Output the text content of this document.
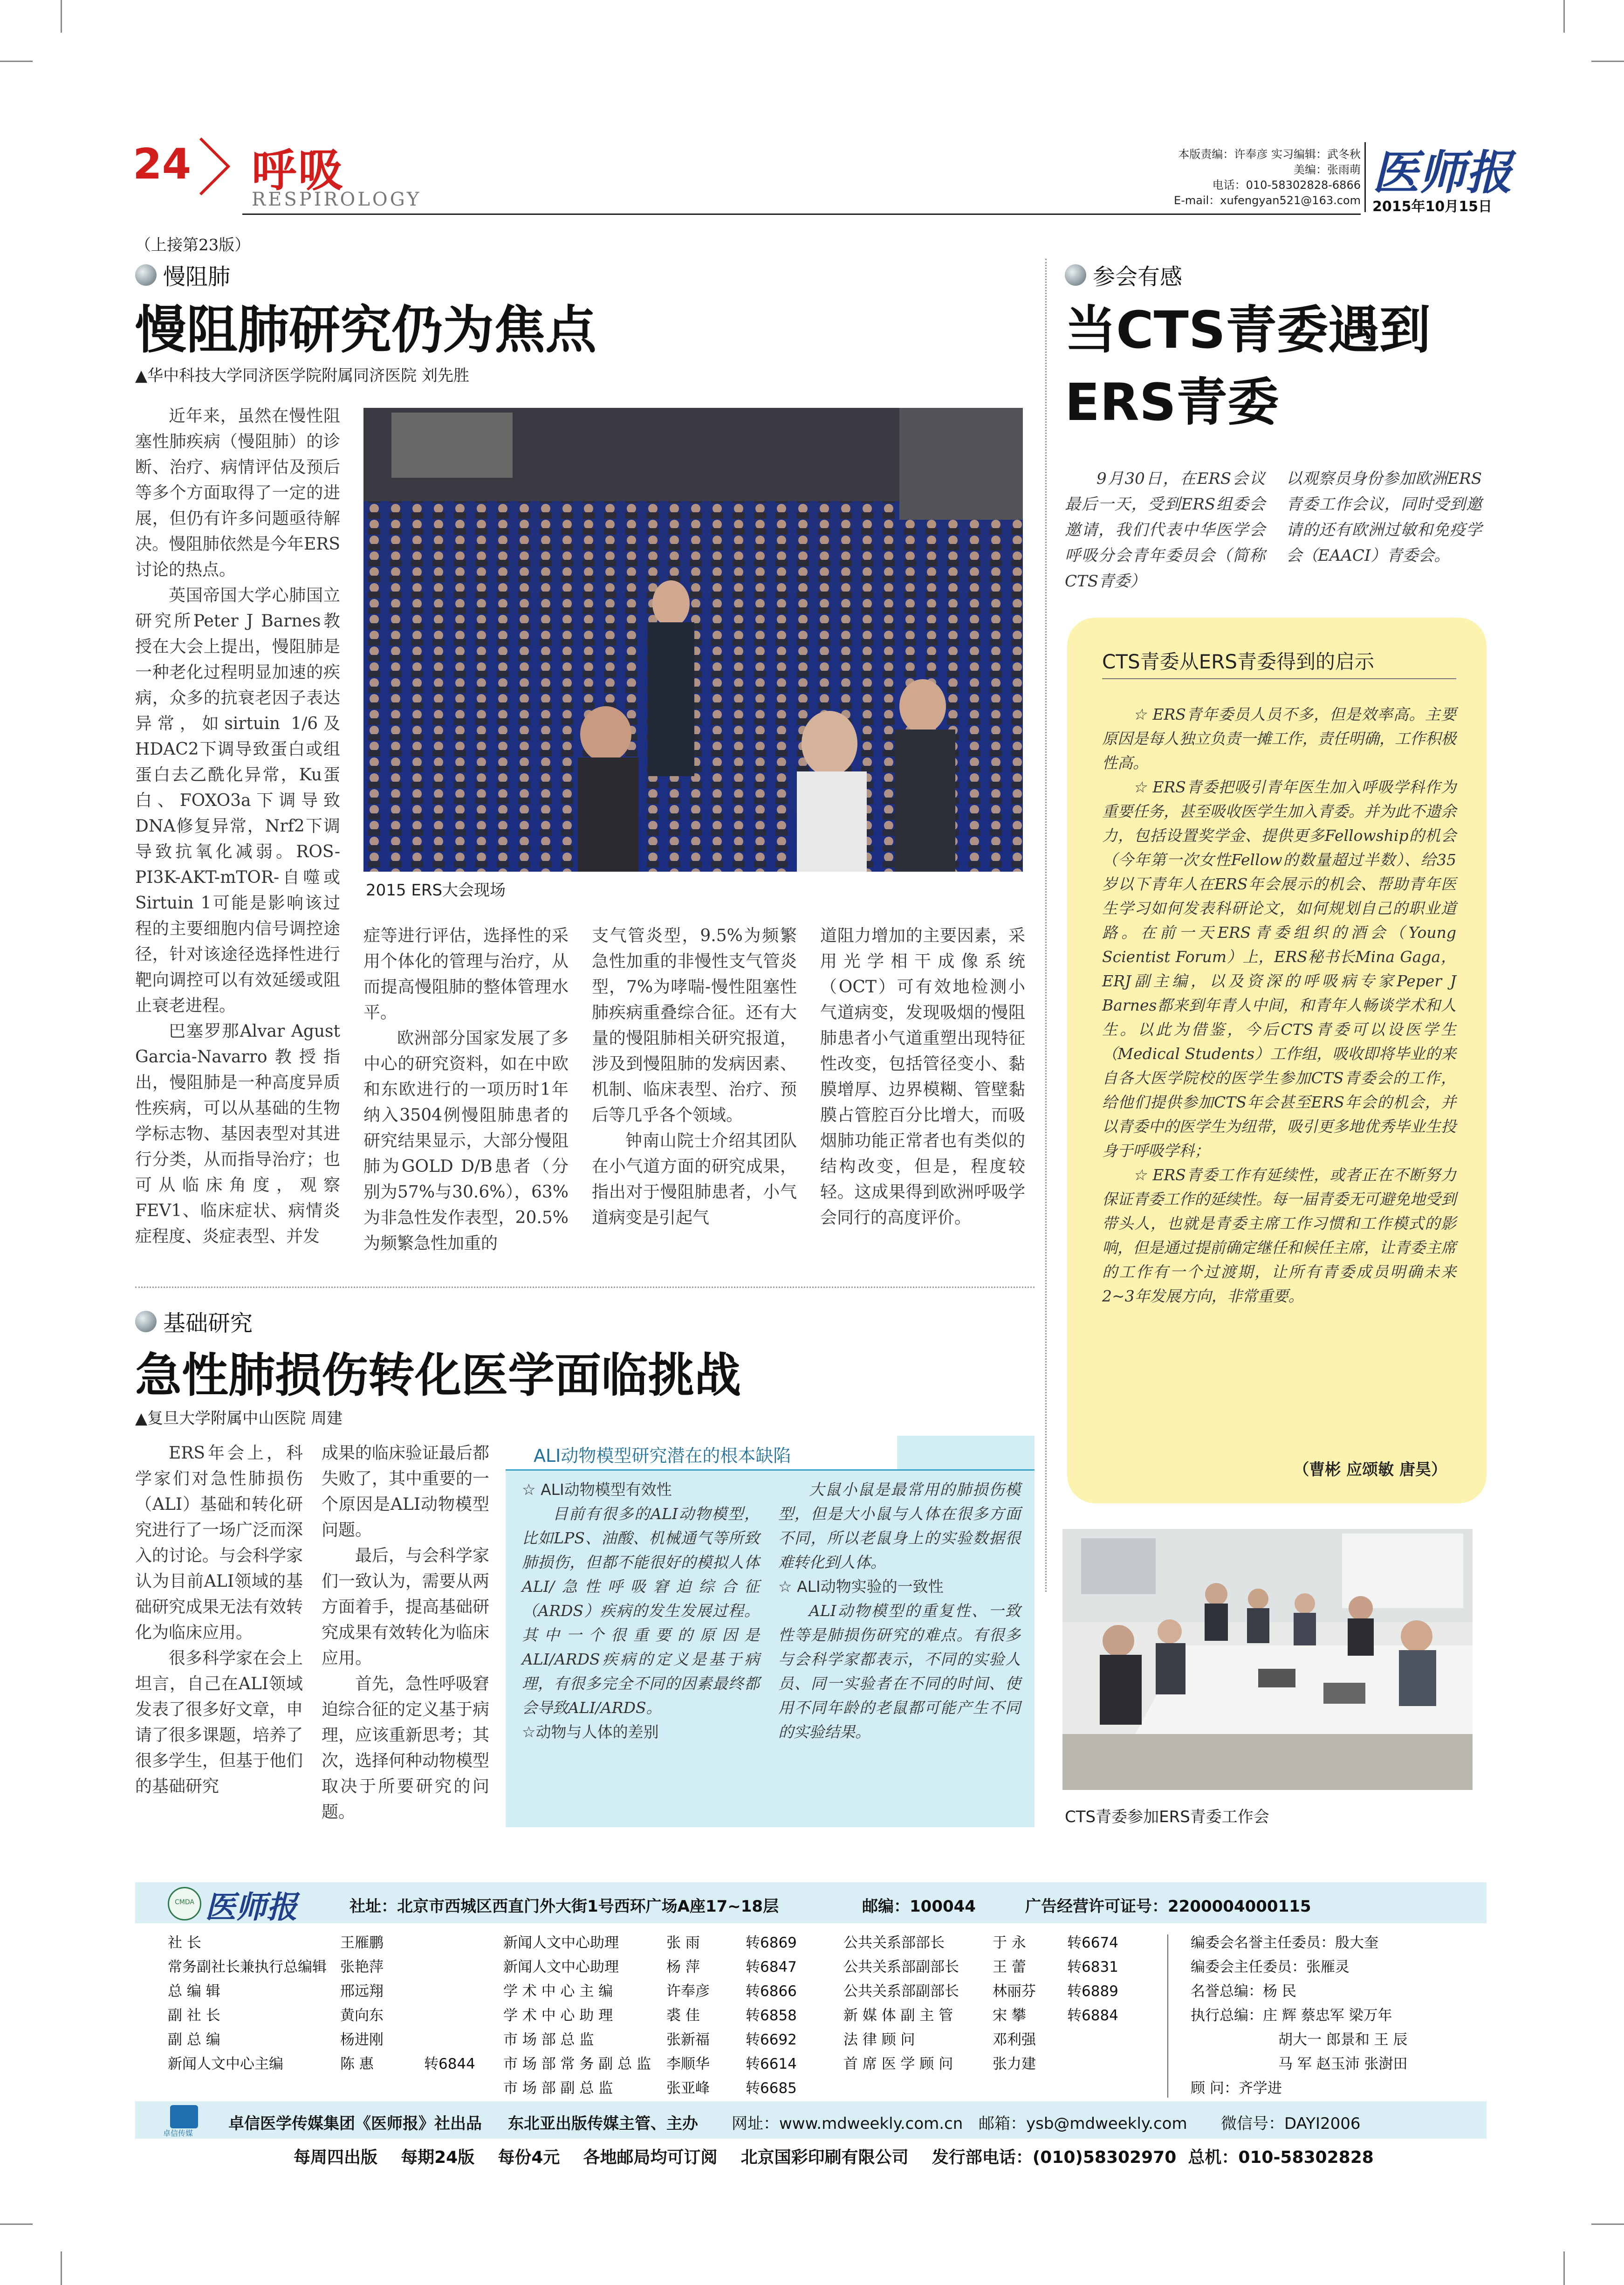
24 呼吸
RESPIROLOGY
本版责编：许奉彦 实习编辑：武冬秋
美编：张雨萌
电话：010-58302828-6866
E-mail：xufengyan521@163.com
医师报
2015年10月15日
（上接第23版）
慢阻肺
慢阻肺研究仍为焦点
▲华中科技大学同济医学院附属同济医院 刘先胜

近年来，虽然在慢性阻塞性肺疾病（慢阻肺）的诊断、治疗、病情评估及预后等多个方面取得了一定的进展，但仍有许多问题亟待解决。慢阻肺依然是今年ERS讨论的热点。

英国帝国大学心肺国立研究所Peter J Barnes教授在大会上提出，慢阻肺是一种老化过程明显加速的疾病，众多的抗衰老因子表达异常，如sirtuin 1/6及HDAC2下调导致蛋白或组蛋白去乙酰化异常，Ku蛋白、FOXO3a下调导致DNA修复异常，Nrf2下调导致抗氧化减弱。ROS-PI3K-AKT-mTOR-自噬或Sirtuin 1可能是影响该过程的主要细胞内信号调控途径，针对该途径选择性进行靶向调控可以有效延缓或阻止衰老进程。

巴塞罗那Alvar Agust Garcia-Navarro教授指出，慢阻肺是一种高度异质性疾病，可以从基础的生物学标志物、基因表型对其进行分类，从而指导治疗；也可从临床角度，观察FEV1、临床症状、病情炎症程度、炎症表型、并发

2015 ERS大会现场

症等进行评估，选择性的采用个体化的管理与治疗，从而提高慢阻肺的整体管理水平。

欧洲部分国家发展了多中心的研究资料，如在中欧和东欧进行的一项历时1年纳入3504例慢阻肺患者的研究结果显示，大部分慢阻肺为GOLD D/B患者（分别为57%与30.6%），63%为非急性发作表型，20.5%为频繁急性加重的

支气管炎型，9.5%为频繁急性加重的非慢性支气管炎型，7%为哮喘-慢性阻塞性肺疾病重叠综合征。还有大量的慢阻肺相关研究报道，涉及到慢阻肺的发病因素、机制、临床表型、治疗、预后等几乎各个领域。

钟南山院士介绍其团队在小气道方面的研究成果，指出对于慢阻肺患者，小气道病变是引起气

道阻力增加的主要因素，采用光学相干成像系统（OCT）可有效地检测小气道病变，发现吸烟的慢阻肺患者小气道重塑出现特征性改变，包括管径变小、黏膜增厚、边界模糊、管壁黏膜占管腔百分比增大，而吸烟肺功能正常者也有类似的结构改变，但是，程度较轻。这成果得到欧洲呼吸学会同行的高度评价。

基础研究
急性肺损伤转化医学面临挑战
▲复旦大学附属中山医院 周建

ERS年会上，科学家们对急性肺损伤（ALI）基础和转化研究进行了一场广泛而深入的讨论。与会科学家认为目前ALI领域的基础研究成果无法有效转化为临床应用。

很多科学家在会上坦言，自己在ALI领域发表了很多好文章，申请了很多课题，培养了很多学生，但基于他们的基础研究

成果的临床验证最后都失败了，其中重要的一个原因是ALI动物模型问题。

最后，与会科学家们一致认为，需要从两方面着手，提高基础研究成果有效转化为临床应用。

首先，急性呼吸窘迫综合征的定义基于病理，应该重新思考；其次，选择何种动物模型取决于所要研究的问题。

ALI动物模型研究潜在的根本缺陷
☆ ALI动物模型有效性

目前有很多的ALI动物模型，比如LPS、油酸、机械通气等所致肺损伤，但都不能很好的模拟人体ALI/急性呼吸窘迫综合征（ARDS）疾病的发生发展过程。其中一个很重要的原因是ALI/ARDS疾病的定义是基于病理，有很多完全不同的因素最终都会导致ALI/ARDS。

☆动物与人体的差别

大鼠小鼠是最常用的肺损伤模型，但是大小鼠与人体在很多方面不同，所以老鼠身上的实验数据很难转化到人体。

☆ ALI动物实验的一致性

ALI动物模型的重复性、一致性等是肺损伤研究的难点。有很多与会科学家都表示，不同的实验人员、同一实验者在不同的时间、使用不同年龄的老鼠都可能产生不同的实验结果。

参会有感
当CTS青委遇到
ERS青委

9月30日，在ERS会议最后一天，受到ERS组委会邀请，我们代表中华医学会呼吸分会青年委员会（简称CTS青委）

以观察员身份参加欧洲ERS青委工作会议，同时受到邀请的还有欧洲过敏和免疫学会（EAACI）青委会。

CTS青委从ERS青委得到的启示

☆ ERS青年委员人员不多，但是效率高。主要原因是每人独立负责一摊工作，责任明确，工作积极性高。

☆ ERS青委把吸引青年医生加入呼吸学科作为重要任务，甚至吸收医学生加入青委。并为此不遗余力，包括设置奖学金、提供更多Fellowship的机会（今年第一次女性Fellow的数量超过半数）、给35岁以下青年人在ERS年会展示的机会、帮助青年医生学习如何发表科研论文，如何规划自己的职业道路。在前一天ERS青委组织的酒会（Young Scientist Forum）上，ERS秘书长Mina Gaga，ERJ副主编，以及资深的呼吸病专家Peper J Barnes都来到年青人中间，和青年人畅谈学术和人生。以此为借鉴，今后CTS青委可以设医学生（Medical Students）工作组，吸收即将毕业的来自各大医学院校的医学生参加CTS青委会的工作，给他们提供参加CTS年会甚至ERS年会的机会，并以青委中的医学生为纽带，吸引更多地优秀毕业生投身于呼吸学科；

☆ ERS青委工作有延续性，或者正在不断努力保证青委工作的延续性。每一届青委无可避免地受到带头人，也就是青委主席工作习惯和工作模式的影响，但是通过提前确定继任和候任主席，让青委主席的工作有一个过渡期，让所有青委成员明确未来2~3年发展方向，非常重要。

（曹彬 应颂敏 唐昊）
CTS青委参加ERS青委工作会
CMDA 医师报	社址：北京市西城区西直门外大街1号西环广场A座17~18层	邮编：100044	广告经营许可证号：2200004000115
社 长	王雁鹏
常务副社长兼执行总编辑 张艳萍
总 编 辑	邢远翔
副 社 长	黄向东
副 总 编	杨进刚
新闻人文中心主编	陈 惠	转6844
新闻人文中心助理	张 雨	转6869
新闻人文中心助理	杨 萍	转6847
学 术 中 心 主 编	许奉彦	转6866
学 术 中 心 助 理	裘 佳	转6858
市 场 部 总 监	张新福	转6692
市 场 部 常 务 副 总 监	李顺华	转6614
市 场 部 副 总 监	张亚峰	转6685
公共关系部部长	于 永	转6674
公共关系部副部长	王 蕾	转6831
公共关系部副部长	林丽芬	转6889
新 媒 体 副 主 管	宋 攀	转6884
法 律 顾 问	邓利强
首 席 医 学 顾 问	张力建
编委会名誉主任委员：殷大奎
编委会主任委员：张雁灵
名誉总编：杨 民
执行总编：庄 辉 蔡忠军 梁万年
胡大一 郎景和 王 辰
马 军 赵玉沛 张澍田
顾 问：齐学进
卓信传媒
卓信医学传媒集团《医师报》社出品 东北亚出版传媒主管、主办 网址：www.mdweekly.com.cn 邮箱：ysb@mdweekly.com 微信号：DAYI2006
每周四出版    每期24版    每份4元    各地邮局均可订阅    北京国彩印刷有限公司    发行部电话：(010)58302970  总机：010-58302828
